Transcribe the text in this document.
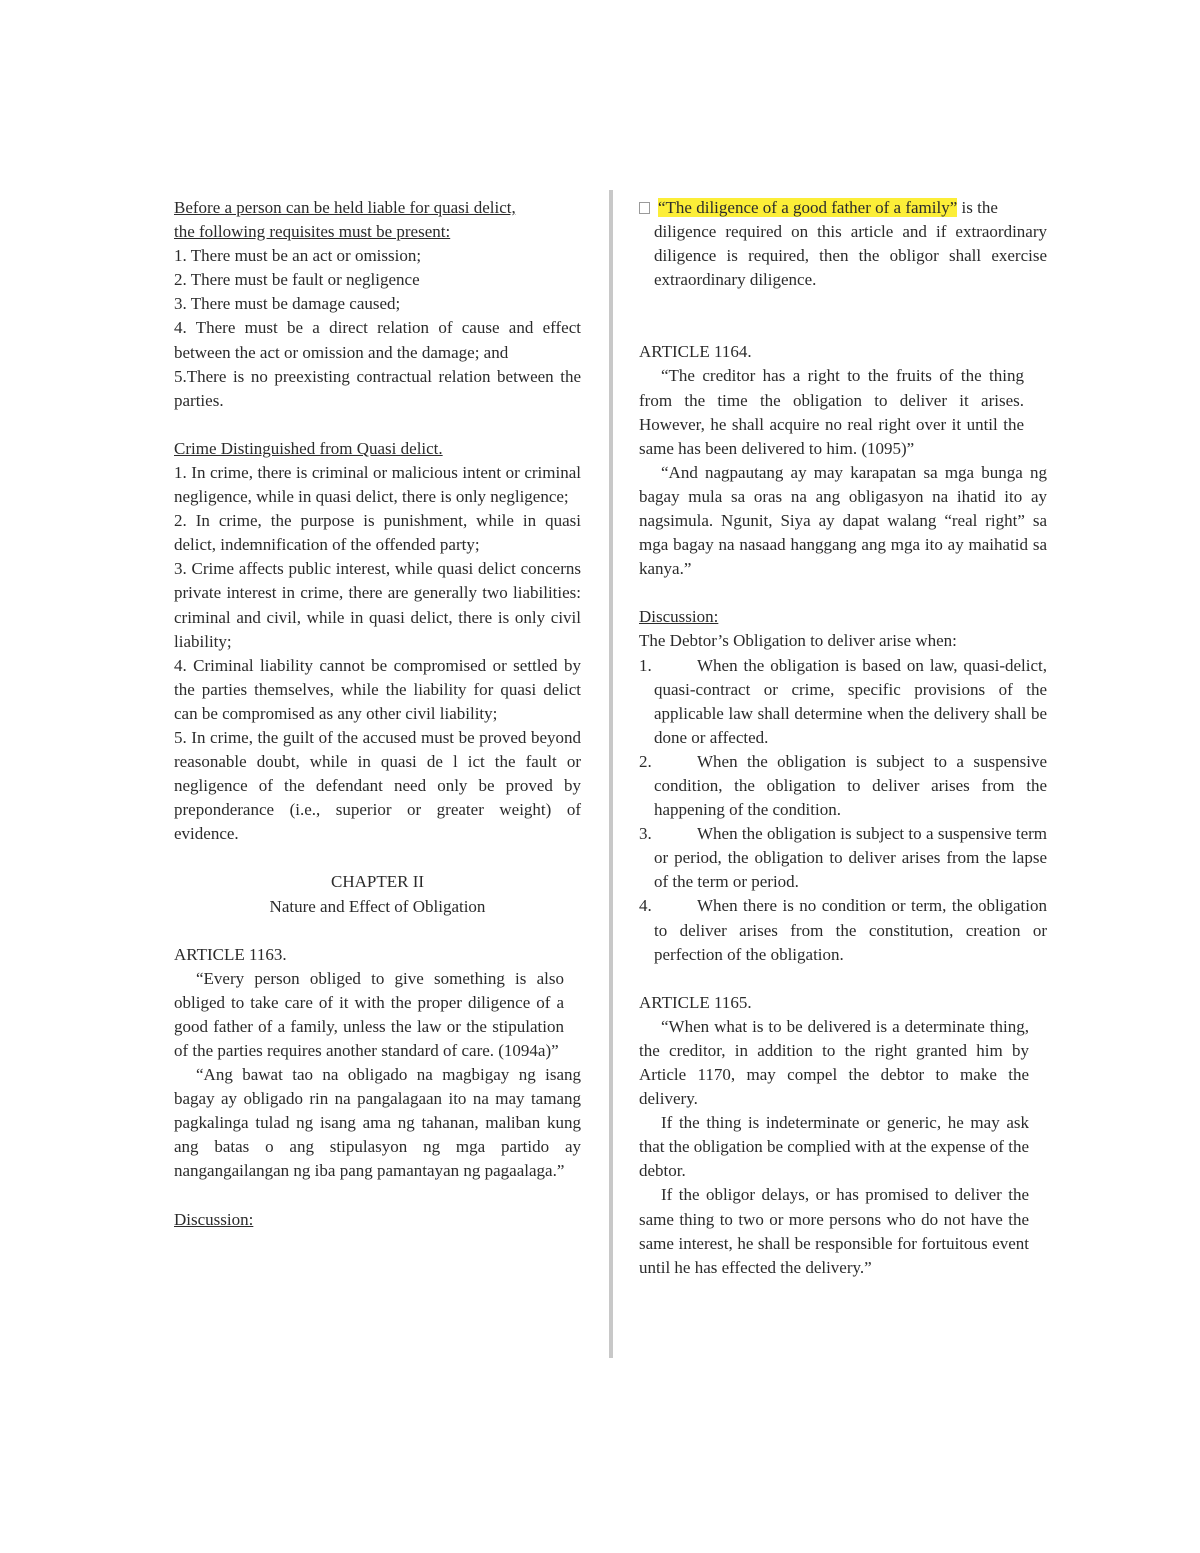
Before a person can be held liable for quasi delict,

the following requisites must be present:

1. There must be an act or omission;

2. There must be fault or negligence

3. There must be damage caused;

4. There must be a direct relation of cause and effect between the act or omission and the damage; and

5.There is no preexisting contractual relation between the parties.

Crime Distinguished from Quasi delict.

1. In crime, there is criminal or malicious intent or criminal negligence, while in quasi delict, there is only negligence;

2. In crime, the purpose is punishment, while in quasi delict, indemnification of the offended party;

3. Crime affects public interest, while quasi delict concerns private interest in crime, there are generally two liabilities: criminal and civil, while in quasi delict, there is only civil liability;

4. Criminal liability cannot be compromised or settled by the parties themselves, while the liability for quasi delict can be compromised as any other civil liability;

5. In crime, the guilt of the accused must be proved beyond reasonable doubt, while in quasi de l ict the fault or negligence of the defendant need only be proved by preponderance (i.e., superior or greater weight) of evidence.

CHAPTER II

Nature and Effect of Obligation

ARTICLE 1163.

“Every person obliged to give something is also obliged to take care of it with the proper diligence of a good father of a family, unless the law or the stipulation of the parties requires another standard of care. (1094a)”

“Ang bawat tao na obligado na magbigay ng isang bagay ay obligado rin na pangalagaan ito na may tamang pagkalinga tulad ng isang ama ng tahanan, maliban kung ang batas o ang stipulasyon ng mga partido ay nangangailangan ng iba pang pamantayan ng pagaalaga.”

Discussion:

“The diligence of a good father of a family” is the

diligence required on this article and if extraordinary diligence is required, then the obligor shall exercise extraordinary diligence.

ARTICLE 1164.

“The creditor has a right to the fruits of the thing from the time the obligation to deliver it arises. However, he shall acquire no real right over it until the same has been delivered to him. (1095)”

“And nagpautang ay may karapatan sa mga bunga ng bagay mula sa oras na ang obligasyon na ihatid ito ay nagsimula. Ngunit, Siya ay dapat walang “real right” sa mga bagay na nasaad hanggang ang mga ito ay maihatid sa kanya.”

Discussion:

The Debtor’s Obligation to deliver arise when:

1.	When the obligation is based on law, quasi-delict, quasi-contract or crime, specific provisions of the applicable law shall determine when the delivery shall be done or affected.
2.	When the obligation is subject to a suspensive condition, the obligation to deliver arises from the happening of the condition.
3.	When the obligation is subject to a suspensive term or period, the obligation to deliver arises from the lapse of the term or period.
4.	When there is no condition or term, the obligation to deliver arises from the constitution, creation or perfection of the obligation.

ARTICLE 1165.

“When what is to be delivered is a determinate thing, the creditor, in addition to the right granted him by Article 1170, may compel the debtor to make the delivery.

If the thing is indeterminate or generic, he may ask that the obligation be complied with at the expense of the debtor.

If the obligor delays, or has promised to deliver the same thing to two or more persons who do not have the same interest, he shall be responsible for fortuitous event until he has effected the delivery.”
